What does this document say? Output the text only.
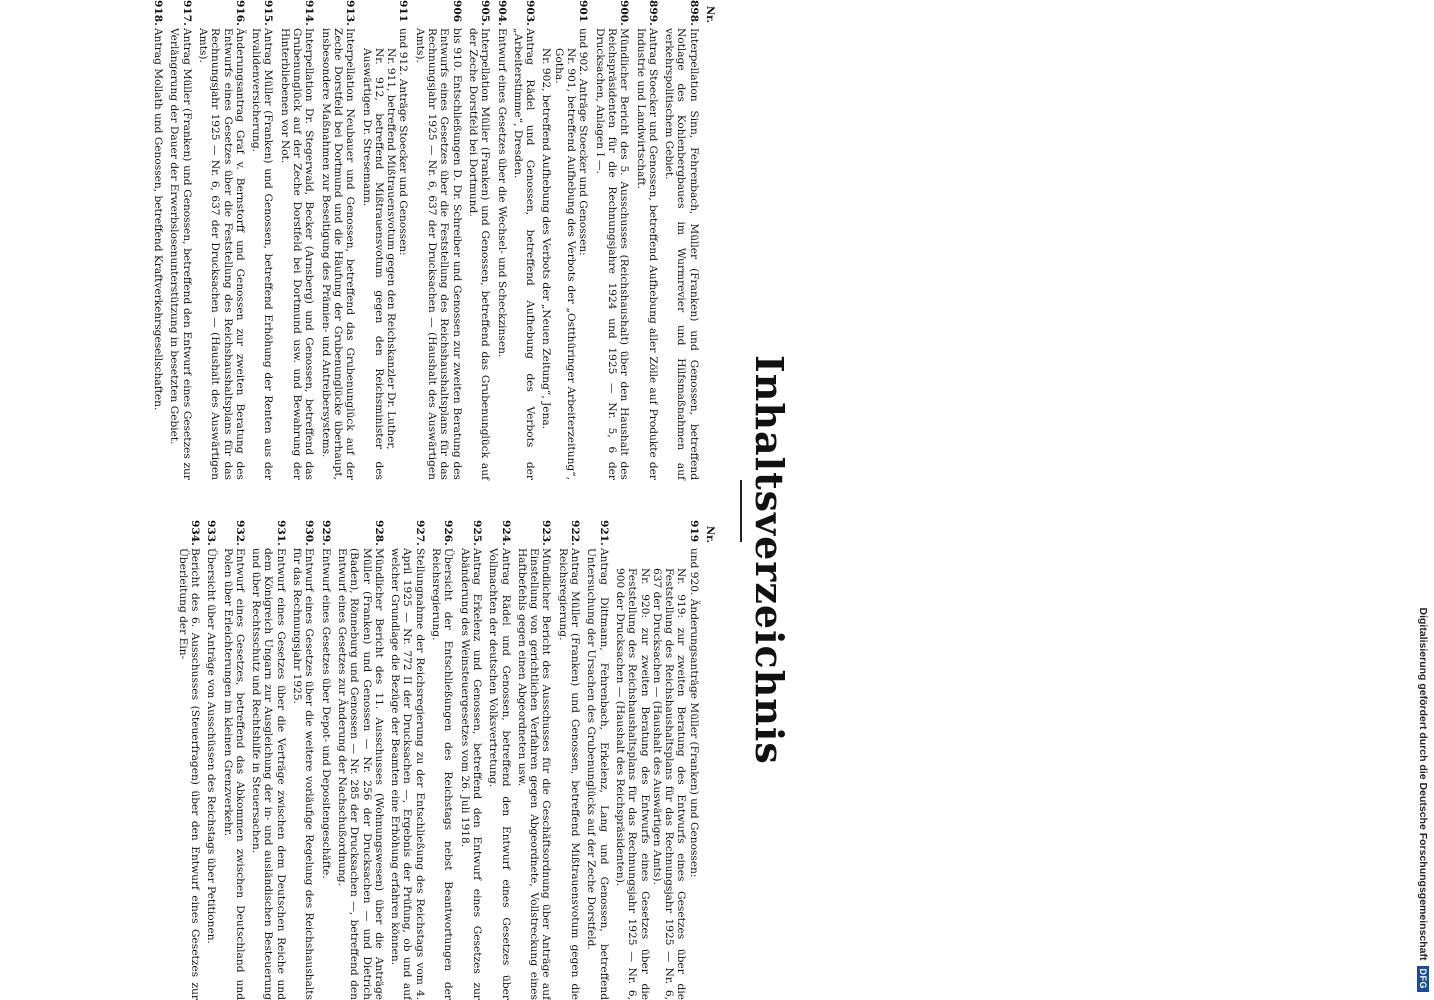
Inhaltsverzeichnis
Nr.
898.
Interpellation Sinn, Fehrenbach, Müller (Franken) und Genossen, betreffend Notlage des Kohlenbergbaues im Wurmrevier und Hilfsmaßnahmen auf verkehrspolitischem Gebiet.
899.
Antrag Stoecker und Genossen, betreffend Aufhebung aller Zölle auf Produkte der Industrie und Landwirtschaft.
900.
Mündlicher Bericht des 5. Ausschusses (Reichshaushalt) über den Haushalt des Reichspräsidenten für die Rechnungsjahre 1924 und 1925 — Nr. 5, 6 der Drucksachen, Anlagen I —.
901
und 902. Anträge Stoecker und Genossen:
Nr. 901, betreffend Aufhebung des Verbots der „Ostthüringer Arbeiterzeitung“, Gotha.
Nr. 902, betreffend Aufhebung des Verbots der „Neuen Zeitung“, Jena.
903.
Antrag Rädel und Genossen, betreffend Aufhebung des Verbots der „Arbeiterstimme“, Dresden.
904.
Entwurf eines Gesetzes über die Wechsel- und Scheckzinsen.
905.
Interpellation Müller (Franken) und Genossen, betreffend das Grubenunglück auf der Zeche Dorstfeld bei Dortmund.
906
bis 910. Entschließungen D. Dr. Schreiber und Genossen zur zweiten Beratung des Entwurfs eines Gesetzes über die Feststellung des Reichshaushaltsplans für das Rechnungsjahr 1925 — Nr. 6, 637 der Drucksachen — (Haushalt des Auswärtigen Amts).
911
und 912. Anträge Stoecker und Genossen:
Nr. 911, betreffend Mißtrauensvotum gegen den Reichskanzler Dr. Luther,
Nr. 912, betreffend Mißtrauensvotum gegen den Reichsminister des Auswärtigen Dr. Stresemann.
913.
Interpellation Neubauer und Genossen, betreffend das Grubenunglück auf der Zeche Dorstfeld bei Dortmund und die Häufung der Grubenunglücke überhaupt, insbesondere Maßnahmen zur Beseitigung des Prämien- und Antreibersystems.
914.
Interpellation Dr. Stegerwald, Becker (Arnsberg) und Genossen, betreffend das Grubenunglück auf der Zeche Dorstfeld bei Dortmund usw. und Bewahrung der Hinterbliebenen vor Not.
915.
Antrag Müller (Franken) und Genossen, betreffend Erhöhung der Renten aus der Invalidenversicherung.
916.
Änderungsantrag Graf v. Bernstorff und Genossen zur zweiten Beratung des Entwurfs eines Gesetzes über die Feststellung des Reichshaushaltsplans für das Rechnungsjahr 1925 — Nr. 6, 637 der Drucksachen — (Haushalt des Auswärtigen Amts).
917.
Antrag Müller (Franken) und Genossen, betreffend den Entwurf eines Gesetzes zur Verlängerung der Dauer der Erwerbslosenunterstützung in besetzten Gebiet.
918.
Antrag Mollath und Genossen, betreffend Kraftverkehrsgesellschaften.
Nr.
919
und 920. Änderungsanträge Müller (Franken) und Genossen:
Nr. 919: zur zweiten Beratung des Entwurfs eines Gesetzes über die Feststellung des Reichshaushaltsplans für das Rechnungsjahr 1925 — Nr. 6, 637 der Drucksachen — (Haushalt des Auswärtigen Amts).
Nr. 920: zur zweiten Beratung des Entwurfs eines Gesetzes über die Feststellung des Reichshaushaltsplans für das Rechnungsjahr 1925 — Nr. 6, 900 der Drucksachen — (Haushalt des Reichspräsidenten).
921.
Antrag Dittmann, Fehrenbach, Erkelenz, Lang und Genossen, betreffend Untersuchung der Ursachen des Grubenunglücks auf der Zeche Dorstfeld.
922.
Antrag Müller (Franken) und Genossen, betreffend Mißtrauensvotum gegen die Reichsregierung.
923.
Mündlicher Bericht des Ausschusses für die Geschäftsordnung über Anträge auf Einstellung von gerichtlichen Verfahren gegen Abgeordnete, Vollstreckung eines Haftbefehls gegen einen Abgeordneten usw.
924.
Antrag Rädel und Genossen, betreffend den Entwurf eines Gesetzes über Vollmachten der deutschen Volksvertretung.
925.
Antrag Erkelenz und Genossen, betreffend den Entwurf eines Gesetzes zur Abänderung des Weinsteuergesetzes vom 26. Juli 1918.
926.
Übersicht der Entschließungen des Reichstags nebst Beantwortungen der Reichsregierung.
927.
Stellungnahme der Reichsregierung zu der Entschließung des Reichstags vom 4. April 1925 — Nr. 772 II der Drucksachen —, Ergebnis der Prüfung, ob und auf welcher Grundlage die Bezüge der Beamten eine Erhöhung erfahren können.
928.
Mündlicher Bericht des 11. Ausschusses (Wohnungswesen) über die Anträge Müller (Franken) und Genossen — Nr. 256 der Drucksachen — und Dietrich (Baden), Rönneburg und Genossen — Nr. 285 der Drucksachen —, betreffend den Entwurf eines Gesetzes zur Änderung der Nachschußordnung.
929.
Entwurf eines Gesetzes über Depot- und Depositengeschäfte.
930.
Entwurf eines Gesetzes über die weitere vorläufige Regelung des Reichshaushalts für das Rechnungsjahr 1925.
931.
Entwurf eines Gesetzes über die Verträge zwischen dem Deutschen Reiche und dem Königreich Ungarn zur Ausgleichung der in- und ausländischen Besteuerung und über Rechtsschutz und Rechtshilfe in Steuersachen.
932.
Entwurf eines Gesetzes, betreffend das Abkommen zwischen Deutschland und Polen über Erleichterungen im kleinen Grenzverkehr.
933.
Übersicht über Anträge von Ausschüssen des Reichstags über Petitionen.
934.
Bericht des 6. Ausschusses (Steuerfragen) über den Entwurf eines Gesetzes zur Überleitung der Ein-
Digitalisierung gefördert durch die Deutsche Forschungsgemeinschaft
DFG
